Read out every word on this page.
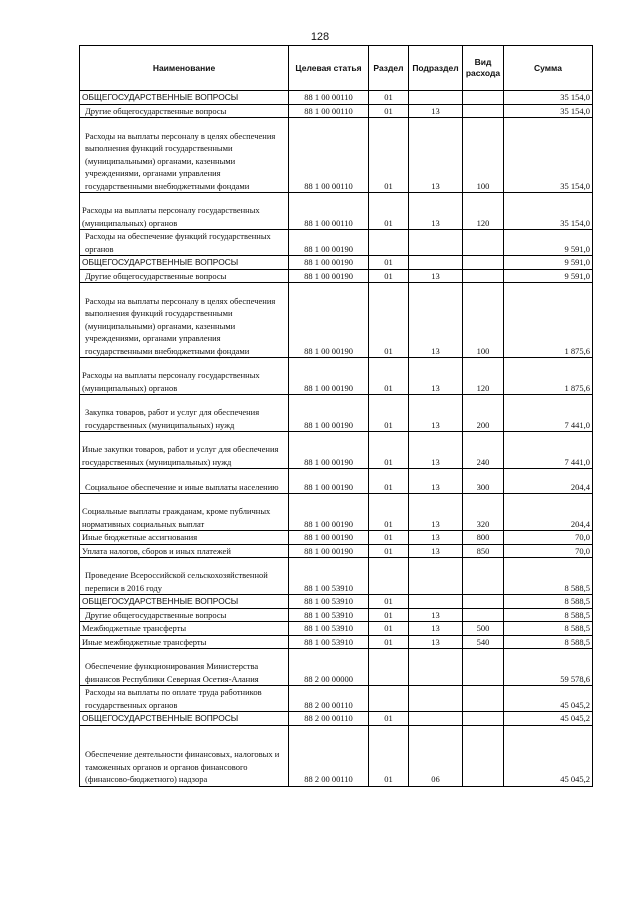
128
Наименование	Целевая статья	Раздел	Подраздел	Вид расхода	Сумма
ОБЩЕГОСУДАРСТВЕННЫЕ ВОПРОСЫ	88 1 00 00110	01			35 154,0
Другие общегосударственные вопросы	88 1 00 00110	01	13		35 154,0
Расходы на выплаты персоналу в целях обеспечения выполнения функций государственными (муниципальными) органами, казенными учреждениями, органами управления государственными внебюджетными фондами	88 1 00 00110	01	13	100	35 154,0
Расходы на выплаты персоналу государственных (муниципальных) органов	88 1 00 00110	01	13	120	35 154,0
Расходы на обеспечение функций государственных органов	88 1 00 00190				9 591,0
ОБЩЕГОСУДАРСТВЕННЫЕ ВОПРОСЫ	88 1 00 00190	01			9 591,0
Другие общегосударственные вопросы	88 1 00 00190	01	13		9 591,0
Расходы на выплаты персоналу в целях обеспечения выполнения функций государственными (муниципальными) органами, казенными учреждениями, органами управления государственными внебюджетными фондами	88 1 00 00190	01	13	100	1 875,6
Расходы на выплаты персоналу государственных (муниципальных) органов	88 1 00 00190	01	13	120	1 875,6
Закупка товаров, работ и услуг для обеспечения государственных (муниципальных) нужд	88 1 00 00190	01	13	200	7 441,0
Иные закупки товаров, работ и услуг для обеспечения государственных (муниципальных) нужд	88 1 00 00190	01	13	240	7 441,0
Социальное обеспечение и иные выплаты населению	88 1 00 00190	01	13	300	204,4
Социальные выплаты гражданам, кроме публичных нормативных социальных выплат	88 1 00 00190	01	13	320	204,4
Иные бюджетные ассигнования	88 1 00 00190	01	13	800	70,0
Уплата налогов, сборов и иных платежей	88 1 00 00190	01	13	850	70,0
Проведение Всероссийской сельскохозяйственной переписи в 2016 году	88 1 00 53910				8 588,5
ОБЩЕГОСУДАРСТВЕННЫЕ ВОПРОСЫ	88 1 00 53910	01			8 588,5
Другие общегосударственные вопросы	88 1 00 53910	01	13		8 588,5
Межбюджетные трансферты	88 1 00 53910	01	13	500	8 588,5
Иные межбюджетные трансферты	88 1 00 53910	01	13	540	8 588,5
Обеспечение функционирования Министерства финансов Республики Северная Осетия-Алания	88 2 00 00000				59 578,6
Расходы на выплаты по оплате труда работников государственных органов	88 2 00 00110				45 045,2
ОБЩЕГОСУДАРСТВЕННЫЕ ВОПРОСЫ	88 2 00 00110	01			45 045,2
Обеспечение деятельности финансовых, налоговых и таможенных органов и органов финансового (финансово-бюджетного) надзора	88 2 00 00110	01	06		45 045,2
